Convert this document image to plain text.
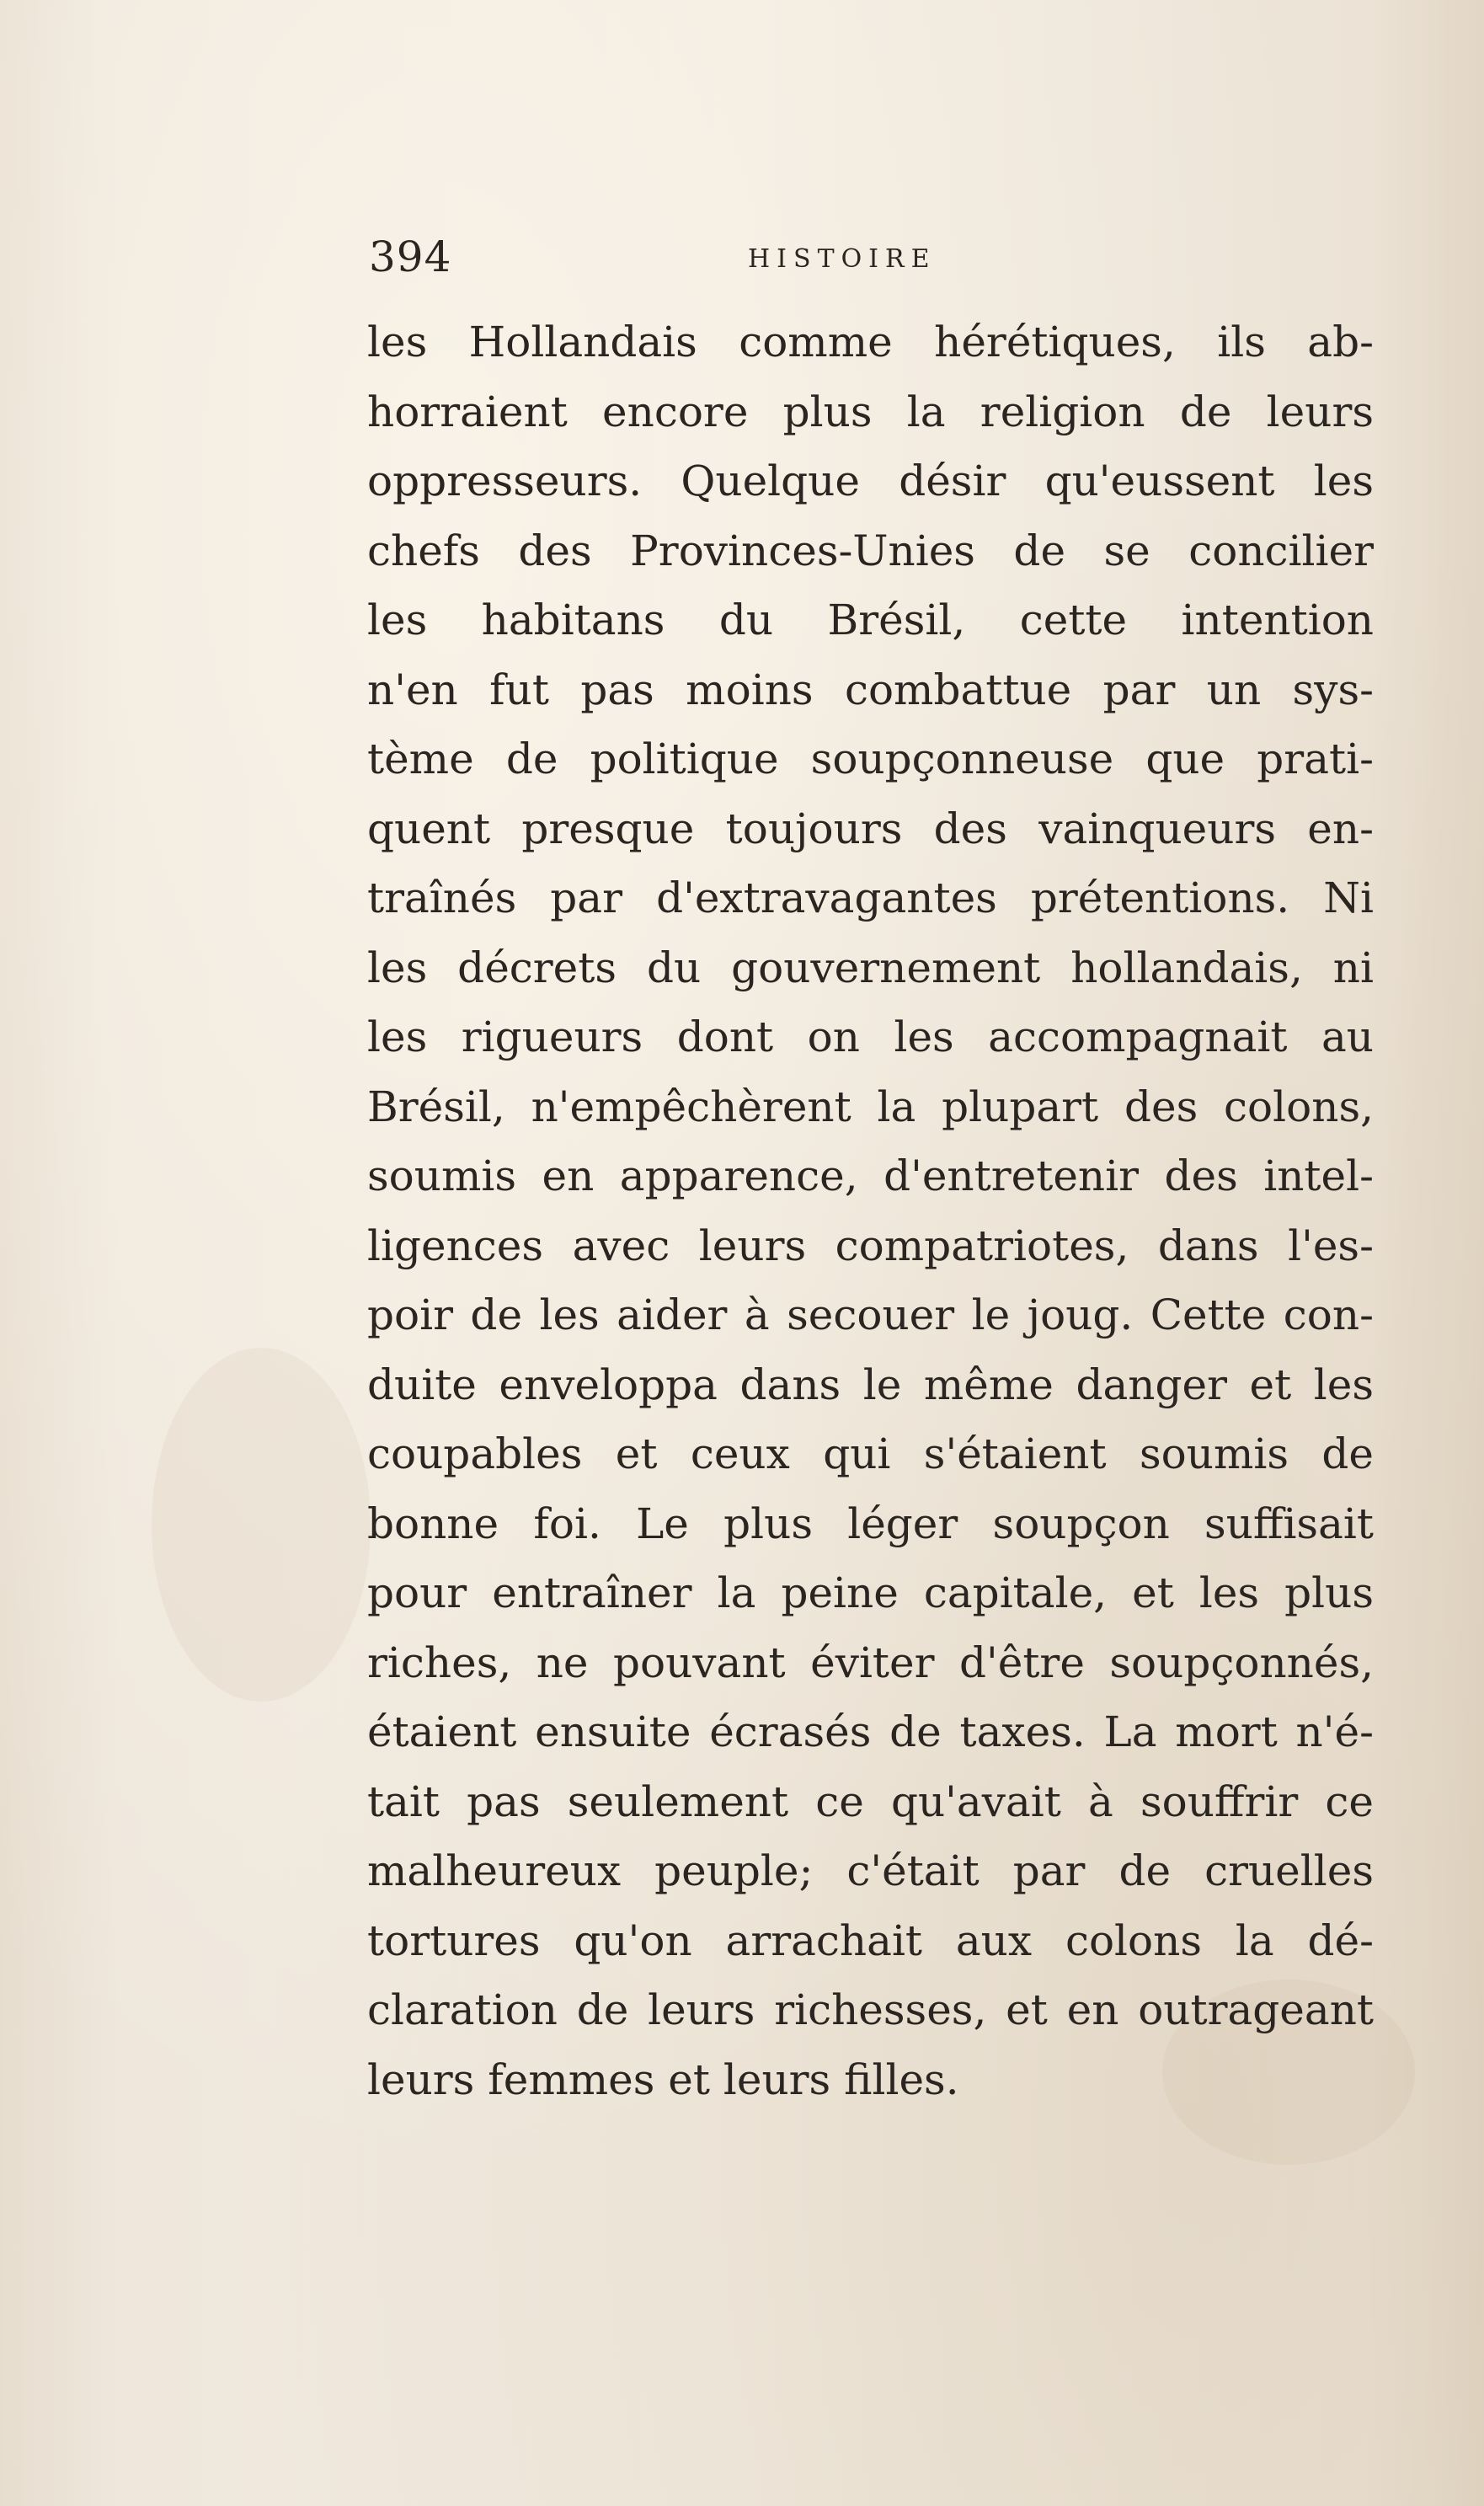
394	HISTOIRE
les Hollandais comme hérétiques, ils ab-
horraient encore plus la religion de leurs
oppresseurs. Quelque désir qu'eussent les
chefs des Provinces-Unies de se concilier
les habitans du Brésil, cette intention
n'en fut pas moins combattue par un sys-
tème de politique soupçonneuse que prati-
quent presque toujours des vainqueurs en-
traînés par d'extravagantes prétentions. Ni
les décrets du gouvernement hollandais, ni
les rigueurs dont on les accompagnait au
Brésil, n'empêchèrent la plupart des colons,
soumis en apparence, d'entretenir des intel-
ligences avec leurs compatriotes, dans l'es-
poir de les aider à secouer le joug. Cette con-
duite enveloppa dans le même danger et les
coupables et ceux qui s'étaient soumis de
bonne foi. Le plus léger soupçon suffisait
pour entraîner la peine capitale, et les plus
riches, ne pouvant éviter d'être soupçonnés,
étaient ensuite écrasés de taxes. La mort n'é-
tait pas seulement ce qu'avait à souffrir ce
malheureux peuple; c'était par de cruelles
tortures qu'on arrachait aux colons la dé-
claration de leurs richesses, et en outrageant
leurs femmes et leurs filles.
